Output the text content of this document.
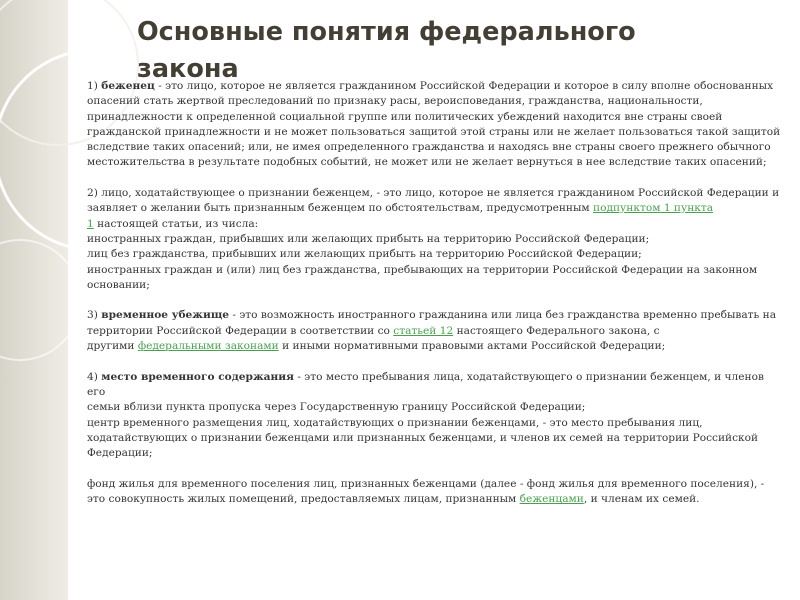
Основные понятия федерального закона

1) беженец - это лицо, которое не является гражданином Российской Федерации и которое в силу вполне обоснованных
опасений стать жертвой преследований по признаку расы, вероисповедания, гражданства, национальности,
принадлежности к определенной социальной группе или политических убеждений находится вне страны своей
гражданской принадлежности и не может пользоваться защитой этой страны или не желает пользоваться такой защитой
вследствие таких опасений; или, не имея определенного гражданства и находясь вне страны своего прежнего обычного
местожительства в результате подобных событий, не может или не желает вернуться в нее вследствие таких опасений;

2) лицо, ходатайствующее о признании беженцем, - это лицо, которое не является гражданином Российской Федерации и
заявляет о желании быть признанным беженцем по обстоятельствам, предусмотренным подпунктом 1 пункта
1 настоящей статьи, из числа:
иностранных граждан, прибывших или желающих прибыть на территорию Российской Федерации;
лиц без гражданства, прибывших или желающих прибыть на территорию Российской Федерации;
иностранных граждан и (или) лиц без гражданства, пребывающих на территории Российской Федерации на законном
основании;

3) временное убежище - это возможность иностранного гражданина или лица без гражданства временно пребывать на
территории Российской Федерации в соответствии со статьей 12 настоящего Федерального закона, с
другими федеральными законами и иными нормативными правовыми актами Российской Федерации;

4) место временного содержания - это место пребывания лица, ходатайствующего о признании беженцем, и членов его
семьи вблизи пункта пропуска через Государственную границу Российской Федерации;
центр временного размещения лиц, ходатайствующих о признании беженцами, - это место пребывания лиц,
ходатайствующих о признании беженцами или признанных беженцами, и членов их семей на территории Российской
Федерации;

фонд жилья для временного поселения лиц, признанных беженцами (далее - фонд жилья для временного поселения), -
это совокупность жилых помещений, предоставляемых лицам, признанным беженцами, и членам их семей.
